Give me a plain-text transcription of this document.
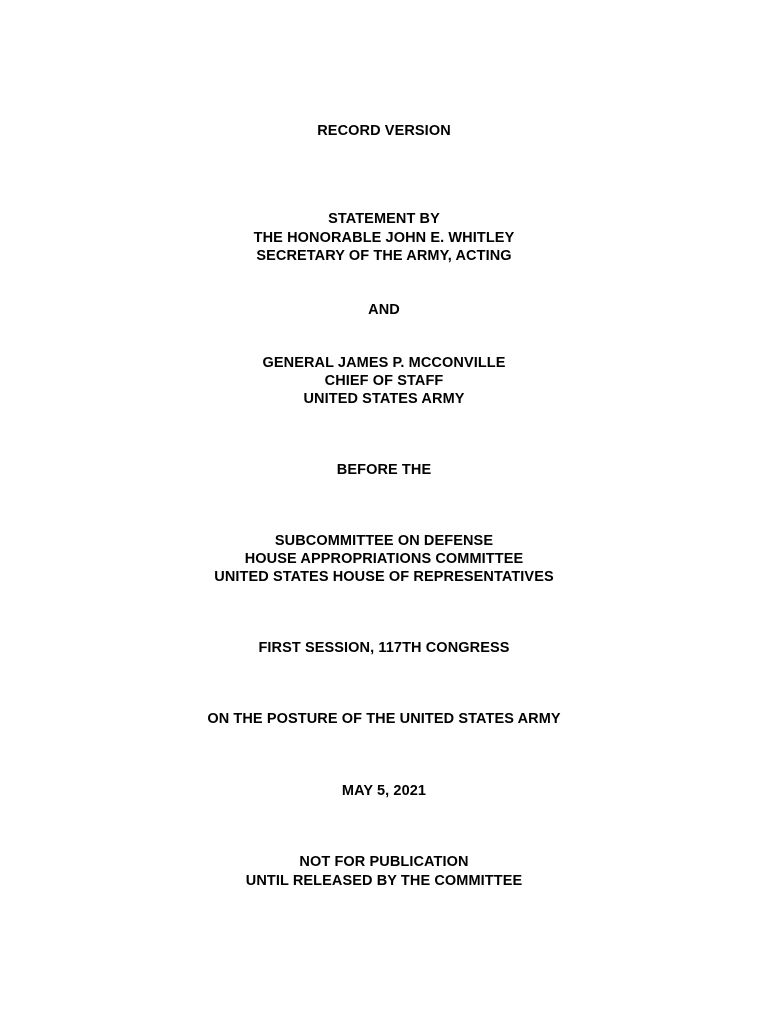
RECORD VERSION
STATEMENT BY
THE HONORABLE JOHN E. WHITLEY
SECRETARY OF THE ARMY, ACTING
AND
GENERAL JAMES P. MCCONVILLE
CHIEF OF STAFF
UNITED STATES ARMY
BEFORE THE
SUBCOMMITTEE ON DEFENSE
HOUSE APPROPRIATIONS COMMITTEE
UNITED STATES HOUSE OF REPRESENTATIVES
FIRST SESSION, 117TH CONGRESS
ON THE POSTURE OF THE UNITED STATES ARMY
MAY 5, 2021
NOT FOR PUBLICATION
UNTIL RELEASED BY THE COMMITTEE
